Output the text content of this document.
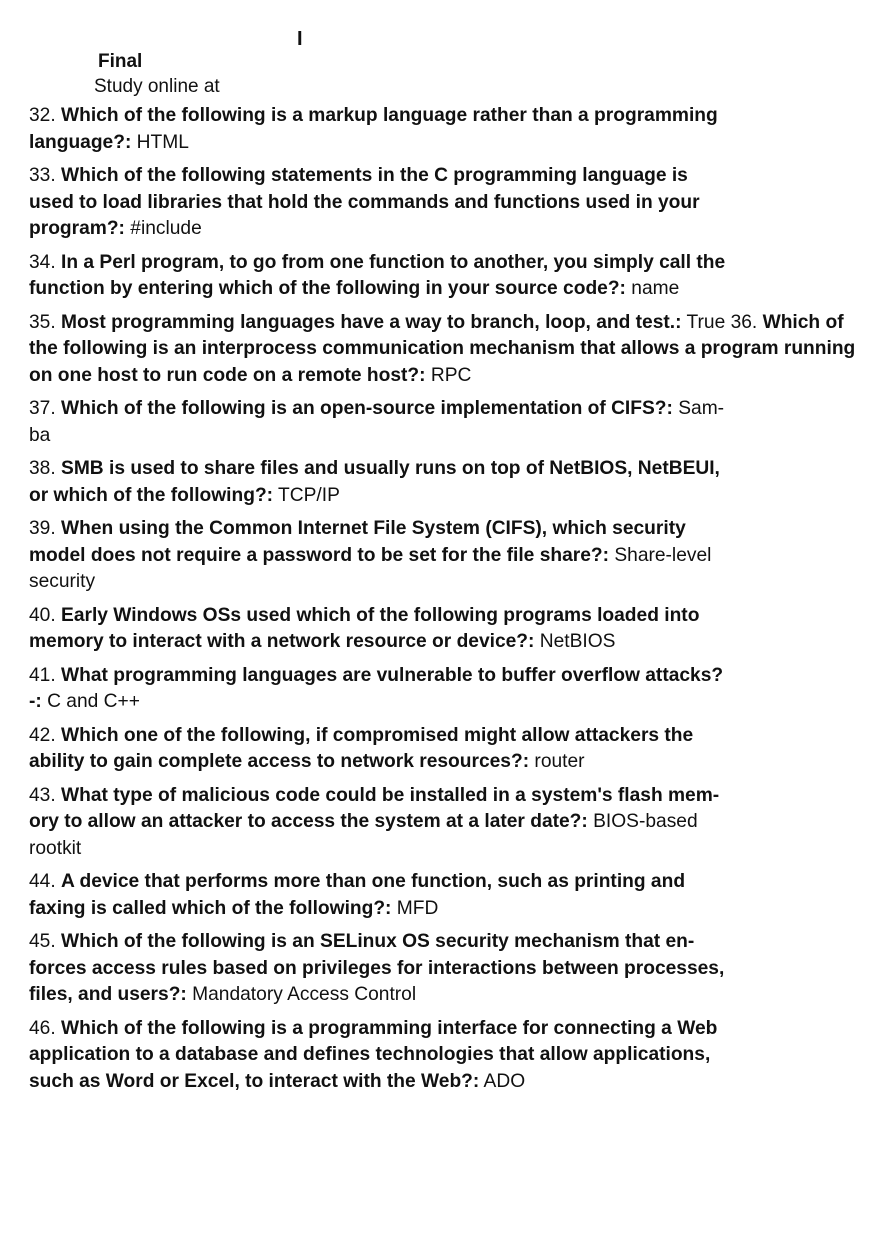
I
Final
Study online at
32. Which of the following is a markup language rather than a programming language?: HTML
33. Which of the following statements in the C programming language is used to load libraries that hold the commands and functions used in your program?: #include
34. In a Perl program, to go from one function to another, you simply call the function by entering which of the following in your source code?: name
35. Most programming languages have a way to branch, loop, and test.: True 36. Which of the following is an interprocess communication mechanism that allows a program running on one host to run code on a remote host?: RPC
37. Which of the following is an open-source implementation of CIFS?: Sam-ba
38. SMB is used to share files and usually runs on top of NetBIOS, NetBEUI, or which of the following?: TCP/IP
39. When using the Common Internet File System (CIFS), which security model does not require a password to be set for the file share?: Share-level security
40. Early Windows OSs used which of the following programs loaded into memory to interact with a network resource or device?: NetBIOS
41. What programming languages are vulnerable to buffer overflow attacks?-: C and C++
42. Which one of the following, if compromised might allow attackers the ability to gain complete access to network resources?: router
43. What type of malicious code could be installed in a system's flash mem-ory to allow an attacker to access the system at a later date?: BIOS-based rootkit
44. A device that performs more than one function, such as printing and faxing is called which of the following?: MFD
45. Which of the following is an SELinux OS security mechanism that en-forces access rules based on privileges for interactions between processes, files, and users?: Mandatory Access Control
46. Which of the following is a programming interface for connecting a Web application to a database and defines technologies that allow applications, such as Word or Excel, to interact with the Web?: ADO
